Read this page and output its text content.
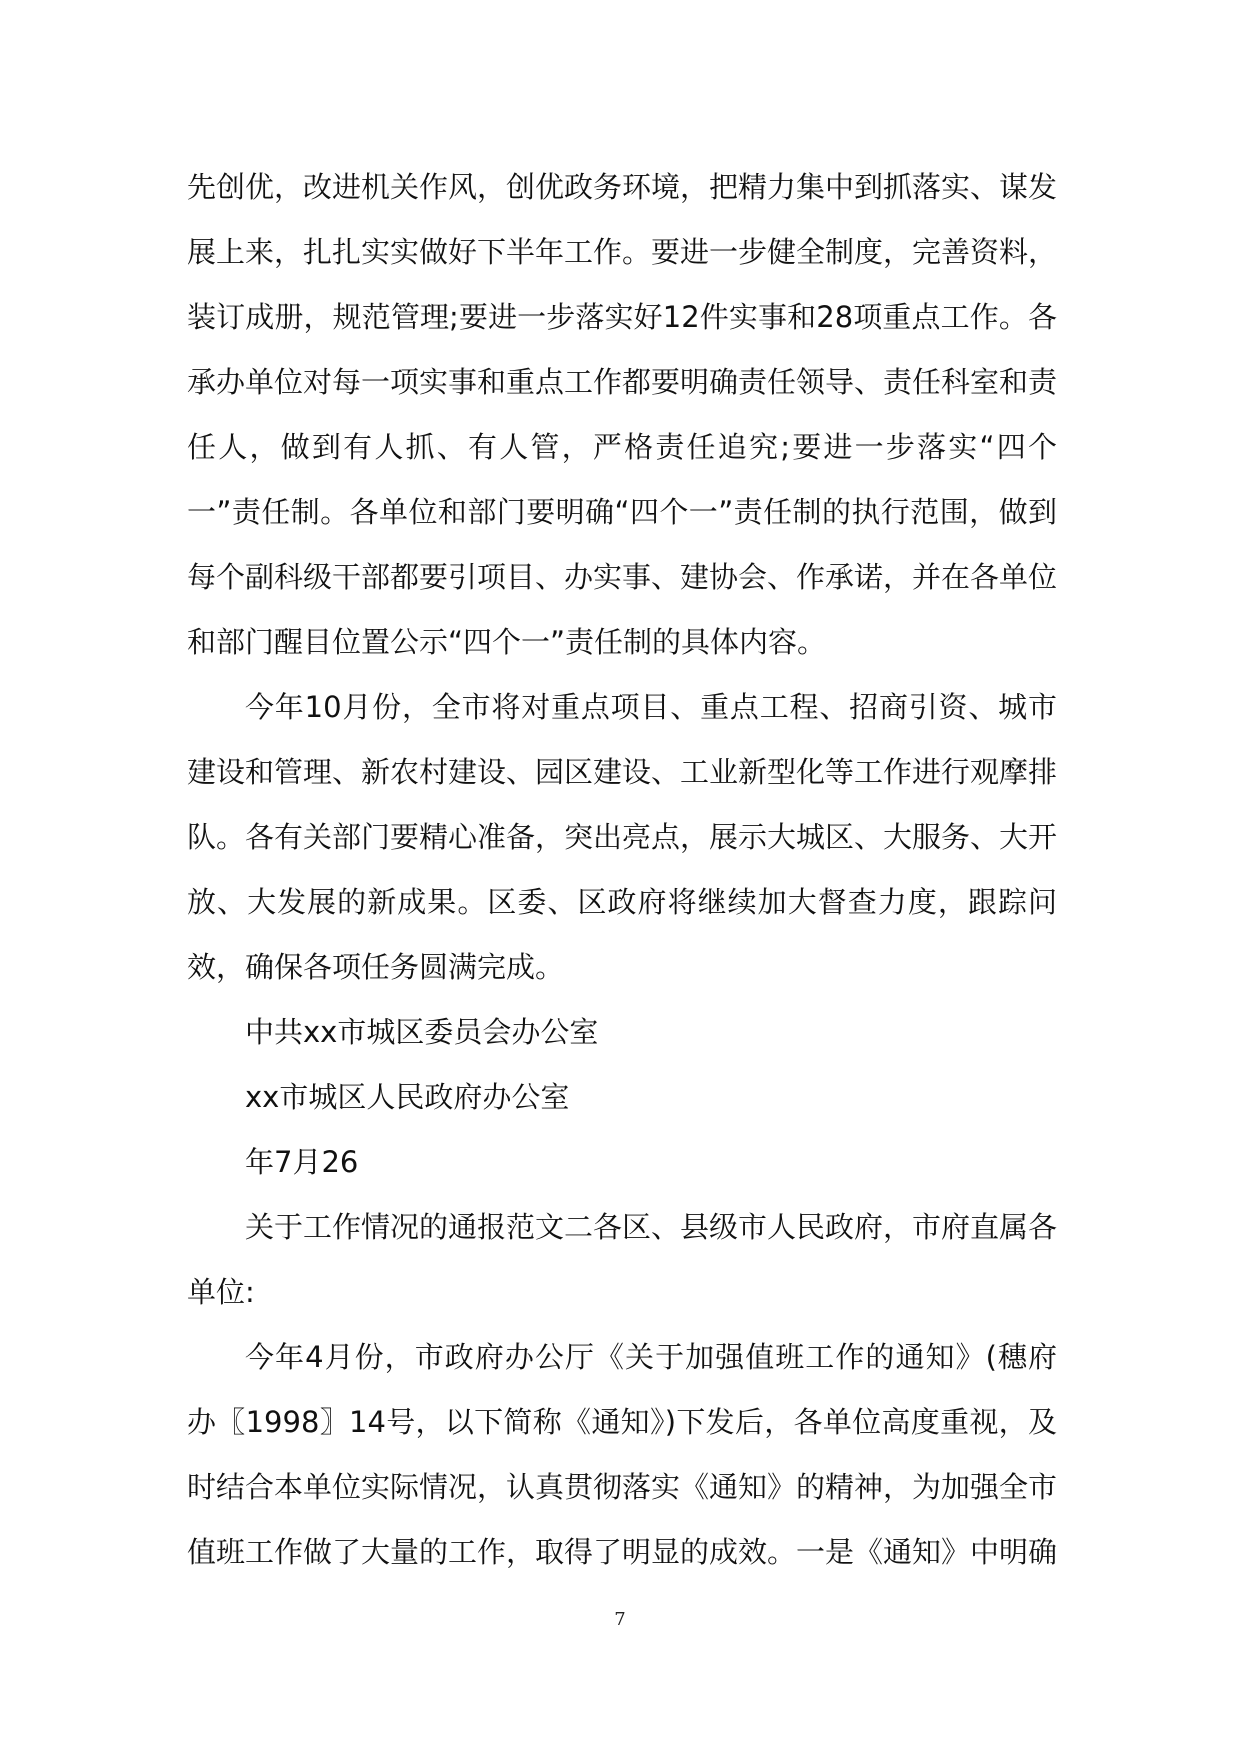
先创优，改进机关作风，创优政务环境，把精力集中到抓落实、谋发展上来，扎扎实实做好下半年工作。要进一步健全制度，完善资料，装订成册，规范管理;要进一步落实好12件实事和28项重点工作。各承办单位对每一项实事和重点工作都要明确责任领导、责任科室和责任人，做到有人抓、有人管，严格责任追究;要进一步落实“四个一”责任制。各单位和部门要明确“四个一”责任制的执行范围，做到每个副科级干部都要引项目、办实事、建协会、作承诺，并在各单位和部门醒目位置公示“四个一”责任制的具体内容。

今年10月份，全市将对重点项目、重点工程、招商引资、城市建设和管理、新农村建设、园区建设、工业新型化等工作进行观摩排队。各有关部门要精心准备，突出亮点，展示大城区、大服务、大开放、大发展的新成果。区委、区政府将继续加大督查力度，跟踪问效，确保各项任务圆满完成。

中共xx市城区委员会办公室

xx市城区人民政府办公室

年7月26

关于工作情况的通报范文二各区、县级市人民政府，市府直属各单位:

今年4月份，市政府办公厅《关于加强值班工作的通知》(穗府办〖1998〗14号，以下简称《通知》)下发后，各单位高度重视，及时结合本单位实际情况，认真贯彻落实《通知》的精神，为加强全市值班工作做了大量的工作，取得了明显的成效。一是《通知》中明确

7
